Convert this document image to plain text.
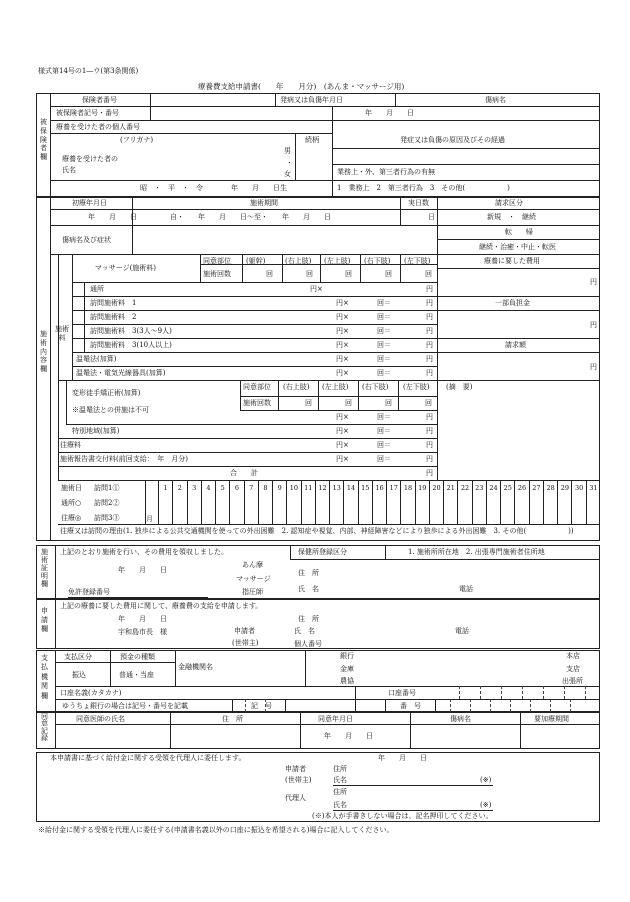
様式第14号の1―ウ(第3条関係)
療養費支給申請書(　　年　　月分)　(あんま・マッサージ用)
被保険者欄
保険者番号	発病又は負傷年月日	傷病名
被保険者記号・番号	年　　月　　日
療養を受けた者の個人番号
(フリガナ)	続柄	発症又は負傷の原因及びその経過
療養を受けた者の氏名
男
・
女	業務上・外、第三者行為の有無
昭　・　平　・　令　　　　年　　月　　日生	1　業務上　2　第三者行為　3　その他(　　　　　　)
施術内容欄
初療年月日	施術期間	実日数	請求区分
年　　月　　日	自・　　年　　月　　日～至・　　年　　月　　日	日	新規　・　継続
傷病名及び症状
転　　帰
継続・治癒・中止・転医
施術料
マッサージ(施術料)
同意部位 (躯幹)	(右上肢) (左上肢) (右下肢) (左下肢)
施術回数	回	回	回	回	回
療養に要した費用
円
円
通所	円×
訪問施術料　1	円×	回＝	円
訪問施術料　2	円×	回＝	円
訪問施術料　3(3人～9人)	円×	回＝	円
訪問施術料　3(10人以上)	円×	回＝	円
温罨法(加算)	円×	回＝	円
温罨法・電気光線器具(加算)	円×	回＝	円
一部負担金
円
請求額
円
変形徒手矯正術(加算)
※温罨法との併施は不可
同意部位 (右上肢) (左上肢) (右下肢) (左下肢)
施術回数	回	回	回	回
円×	回＝	円
(摘　要)
特別地域(加算)	円×	回＝	円
往療料	円×	回＝	円
施術報告書交付料(前回支給：　年　月分)	円×	回＝	円
合　　計	円
施術日 訪問1①
通所○ 訪問2②
往療◎ 訪問3③	月
1	2	3	4	5	6	7	8	9	10 11 12 13 14 15 16 17 18 19 20 21 22 23 24 25 26 27 28 29 30 31
往療又は訪問の理由(1. 独歩による公共交通機関を使っての外出困難　2. 認知症や視覚、内部、神経障害などにより独歩による外出困難　3. その他(　　　　　　))
施術証明欄
上記のとおり施術を行い、その費用を領収しました。	保健所登録区分	1. 施術所所在地　2. 出張専門施術者住所地
年　　月　　日
あん摩
マッサージ
指圧師
住　所
氏　名	電話
免許登録番号
申請欄
上記の療養に要した費用に関して、療養費の支給を申請します。
年　　月　　日
宇和島市長　様	申請者
(世帯主)
住　所
氏　名
個人番号
電話
支払機関欄
支払区分	預金の種類
振込	普通・当座
金融機関名
銀行
金庫
農協
本店
支店
出張所
口座名義(カタカナ)	口座番号
ゆうちょ銀行の場合は記号・番号を記載	記　号	番　号
同意記録
同意医師の氏名	住　所	同意年月日	傷病名	要加療期間
年　　月　　日
本申請書に基づく給付金に関する受領を代理人に委任します。	年　　月　　日
申請者
(世帯主)
住所
氏名	(※)
代理人
住所
氏名	(※)
(※)本人が手書きしない場合は、記名押印してください。
※給付金に関する受領を代理人に委任する(申請書名義以外の口座に振込を希望される)場合に記入してください。
